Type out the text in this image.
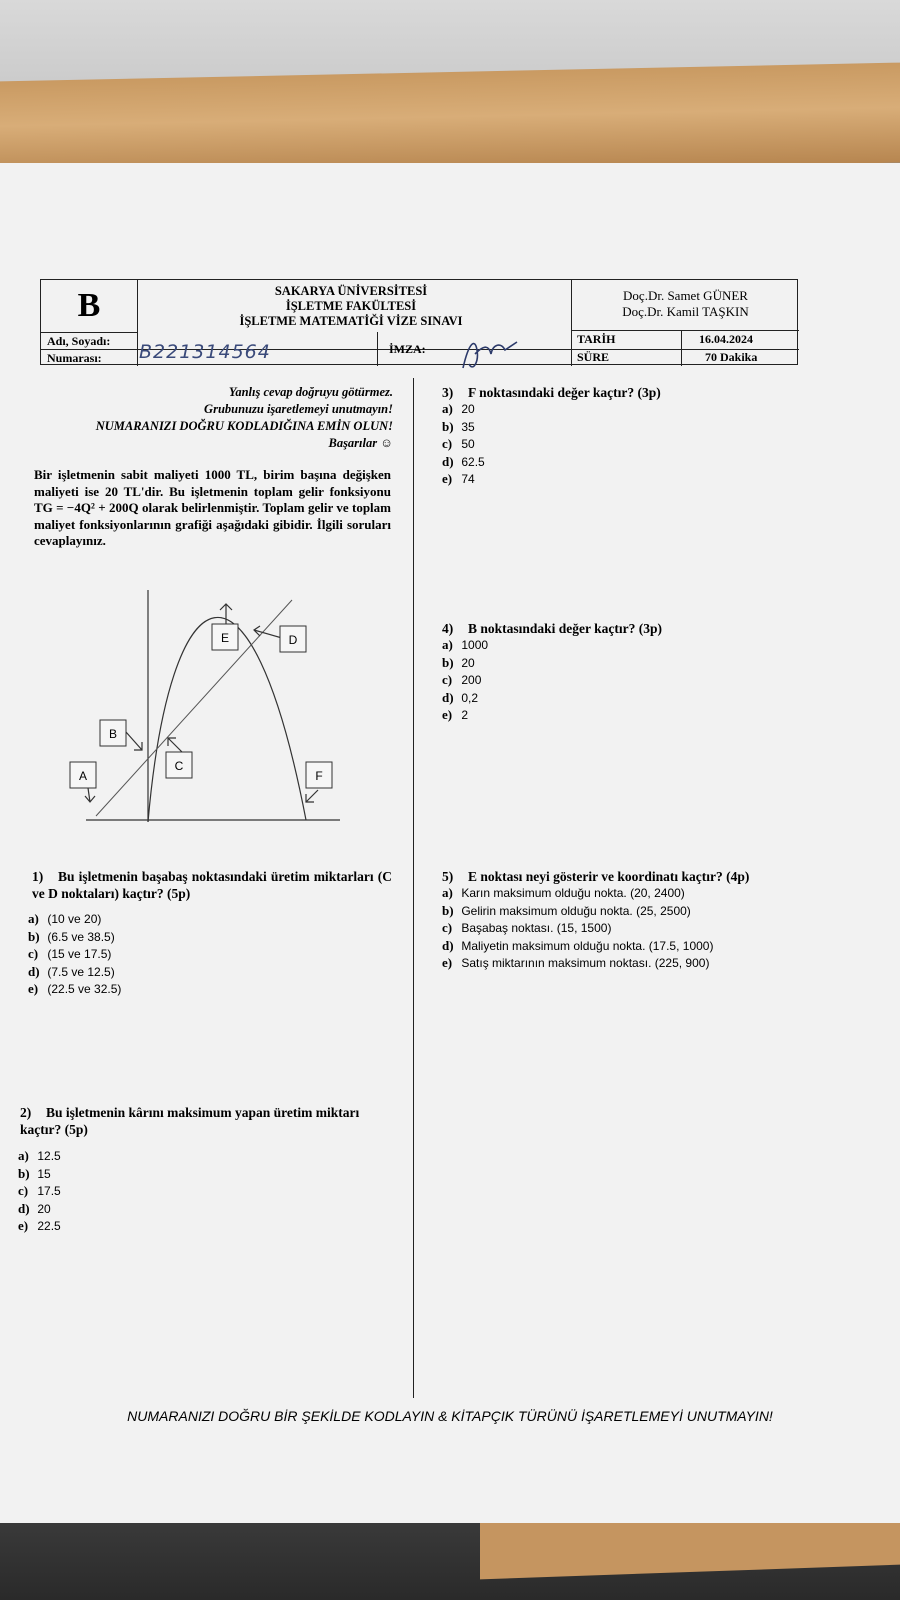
B	SAKARYA ÜNİVERSİTESİ
İŞLETME FAKÜLTESİ
İŞLETME MATEMATİĞİ VİZE SINAVI
Doç.Dr. Samet GÜNER
Doç.Dr. Kamil TAŞKIN
Adı, Soyadı:
Numarası: B221314564	İMZA:
TARİH	16.04.2024
SÜRE	70 Dakika
Yanlış cevap doğruyu götürmez.
Grubunuzu işaretlemeyi unutmayın!
NUMARANIZI DOĞRU KODLADIĞINA EMİN OLUN!
Başarılar ☺
Bir işletmenin sabit maliyeti 1000 TL, birim başına değişken maliyeti ise 20 TL'dir. Bu işletmenin toplam gelir fonksiyonu TG = −4Q² + 200Q olarak belirlenmiştir. Toplam gelir ve toplam maliyet fonksiyonlarının grafiği aşağıdaki gibidir. İlgili soruları cevaplayınız.
E	D
B
C
A	F
1) Bu işletmenin başabaş noktasındaki üretim miktarları (C ve D noktaları) kaçtır? (5p)
a) (10 ve 20)
b) (6.5 ve 38.5)
c) (15 ve 17.5)
d) (7.5 ve 12.5)
e) (22.5 ve 32.5)
2) Bu işletmenin kârını maksimum yapan üretim miktarı kaçtır? (5p)
a) 12.5
b) 15
c) 17.5
d) 20
e) 22.5
3) F noktasındaki değer kaçtır? (3p)
a) 20
b) 35
c) 50
d) 62.5
e) 74
4) B noktasındaki değer kaçtır? (3p)
a) 1000
b) 20
c) 200
d) 0,2
e) 2
5) E noktası neyi gösterir ve koordinatı kaçtır? (4p)
a) Karın maksimum olduğu nokta. (20, 2400)
b) Gelirin maksimum olduğu nokta. (25, 2500)
c) Başabaş noktası. (15, 1500)
d) Maliyetin maksimum olduğu nokta. (17.5, 1000)
e) Satış miktarının maksimum noktası. (225, 900)
NUMARANIZI DOĞRU BİR ŞEKİLDE KODLAYIN & KİTAPÇIK TÜRÜNÜ İŞARETLEMEYİ UNUTMAYIN!
